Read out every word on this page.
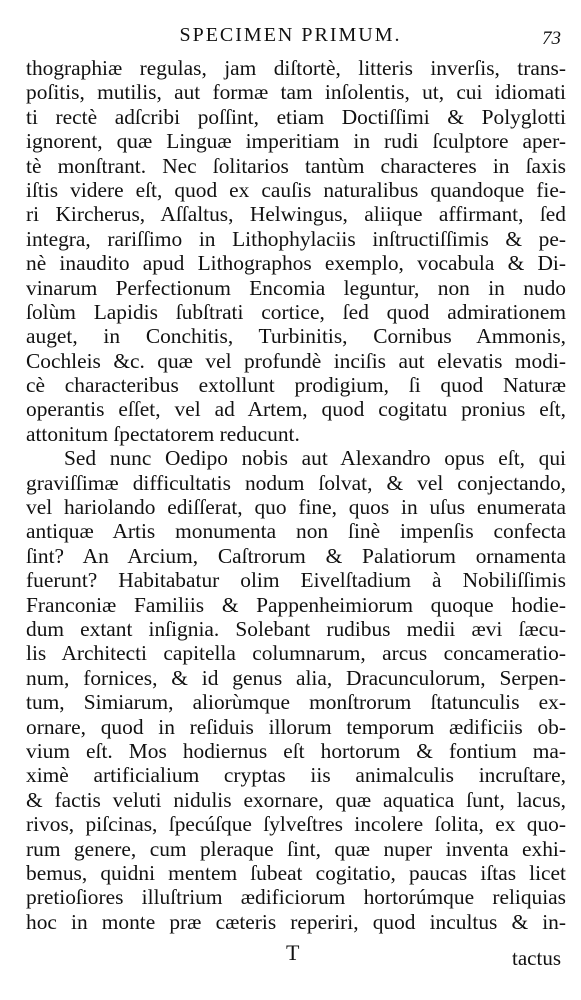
SPECIMEN PRIMUM.	73
thographiæ regulas, jam diſtortè, litteris inverſis, trans-
poſitis, mutilis, aut formæ tam inſolentis, ut, cui idiomati
ti rectè adſcribi poſſint, etiam Doctiſſimi & Polyglotti
ignorent, quæ Linguæ imperitiam in rudi ſculptore aper-
tè monſtrant. Nec ſolitarios tantùm characteres in ſaxis
iſtis videre eſt, quod ex cauſis naturalibus quandoque fie-
ri Kircherus, Aſſaltus, Helwingus, aliique affirmant, ſed
integra, rariſſimo in Lithophylaciis inſtructiſſimis & pe-
nè inaudito apud Lithographos exemplo, vocabula & Di-
vinarum Perfectionum Encomia leguntur, non in nudo
ſolùm Lapidis ſubſtrati cortice, ſed quod admirationem
auget, in Conchitis, Turbinitis, Cornibus Ammonis,
Cochleis &c. quæ vel profundè inciſis aut elevatis modi-
cè characteribus extollunt prodigium, ſi quod Naturæ
operantis eſſet, vel ad Artem, quod cogitatu pronius eſt,
attonitum ſpectatorem reducunt.
Sed nunc Oedipo nobis aut Alexandro opus eſt, qui
graviſſimæ difficultatis nodum ſolvat, & vel conjectando,
vel hariolando ediſſerat, quo fine, quos in uſus enumerata
antiquæ Artis monumenta non ſinè impenſis confecta
ſint? An Arcium, Caſtrorum & Palatiorum ornamenta
fuerunt? Habitabatur olim Eivelſtadium à Nobiliſſimis
Franconiæ Familiis & Pappenheimiorum quoque hodie-
dum extant inſignia. Solebant rudibus medii ævi ſæcu-
lis Architecti capitella columnarum, arcus concameratio-
num, fornices, & id genus alia, Dracunculorum, Serpen-
tum, Simiarum, aliorùmque monſtrorum ſtatunculis ex-
ornare, quod in reſiduis illorum temporum ædificiis ob-
vium eſt. Mos hodiernus eſt hortorum & fontium ma-
ximè artificialium cryptas iis animalculis incruſtare,
& factis veluti nidulis exornare, quæ aquatica ſunt, lacus,
rivos, piſcinas, ſpecúſque ſylveſtres incolere ſolita, ex quo-
rum genere, cum pleraque ſint, quæ nuper inventa exhi-
bemus, quidni mentem ſubeat cogitatio, paucas iſtas licet
pretioſiores illuſtrium ædificiorum hortorúmque reliquias
hoc in monte præ cæteris reperiri, quod incultus & in-
T	tactus
